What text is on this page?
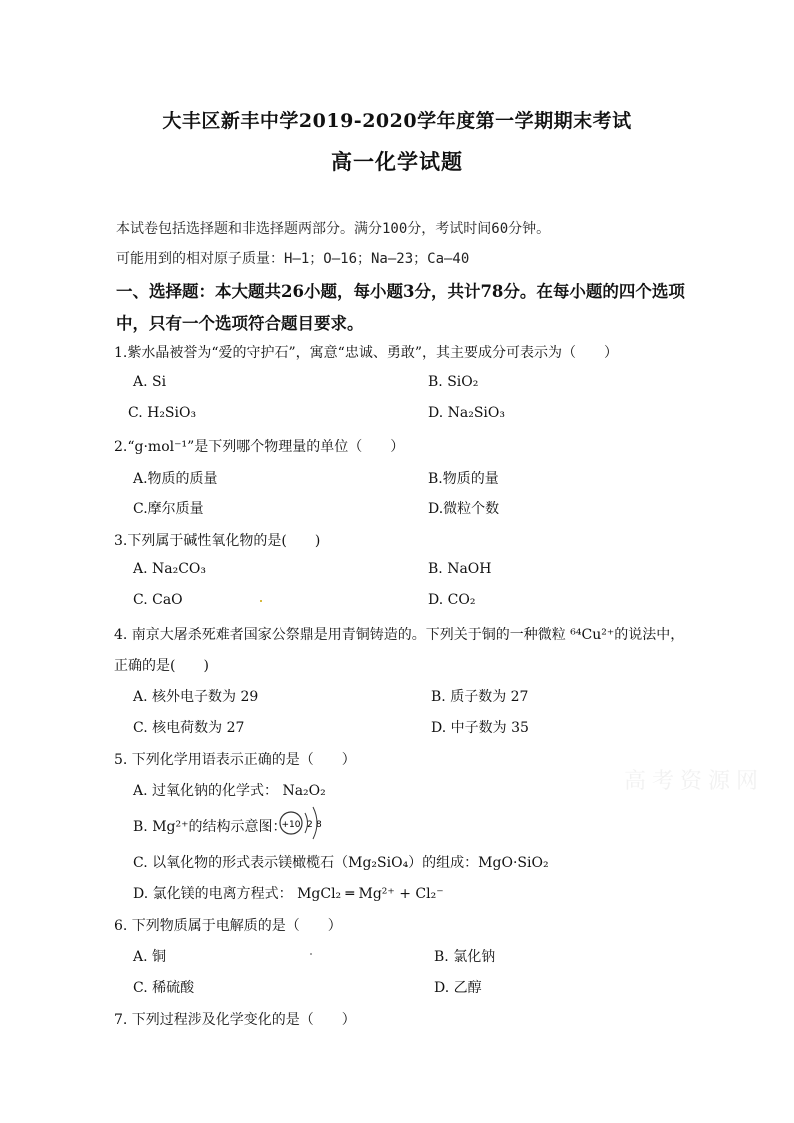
大丰区新丰中学2019-2020学年度第一学期期末考试
高一化学试题
本试卷包括选择题和非选择题两部分。满分100分，考试时间60分钟。
可能用到的相对原子质量：H—1；O—16；Na—23；Ca—40
一、选择题：本大题共26小题，每小题3分，共计78分。在每小题的四个选项
中，只有一个选项符合题目要求。
1.紫水晶被誉为“爱的守护石”，寓意“忠诚、勇敢”，其主要成分可表示为（　　）
A. Si	B. SiO₂
C. H₂SiO₃	D. Na₂SiO₃
2.“g·mol⁻¹”是下列哪个物理量的单位（　　）
A.物质的质量	B.物质的量
C.摩尔质量	D.微粒个数
3.下列属于碱性氧化物的是(　　)
A. Na₂CO₃	B. NaOH
C. CaO	D. CO₂
4. 南京大屠杀死难者国家公祭鼎是用青铜铸造的。下列关于铜的一种微粒 ⁶⁴Cu²⁺的说法中，
正确的是(　　)
A. 核外电子数为 29	B. 质子数为 27
C. 核电荷数为 27	D. 中子数为 35
5. 下列化学用语表示正确的是（　　）
高考资源网
A. 过氧化钠的化学式： Na₂O₂
B. Mg²⁺的结构示意图：
+10 2 8
C. 以氧化物的形式表示镁橄榄石（Mg₂SiO₄）的组成：MgO·SiO₂
D. 氯化镁的电离方程式： MgCl₂ ═ Mg²⁺ + Cl₂⁻
6. 下列物质属于电解质的是（　　）
A. 铜	B. 氯化钠
C. 稀硫酸	D. 乙醇
7. 下列过程涉及化学变化的是（　　）
